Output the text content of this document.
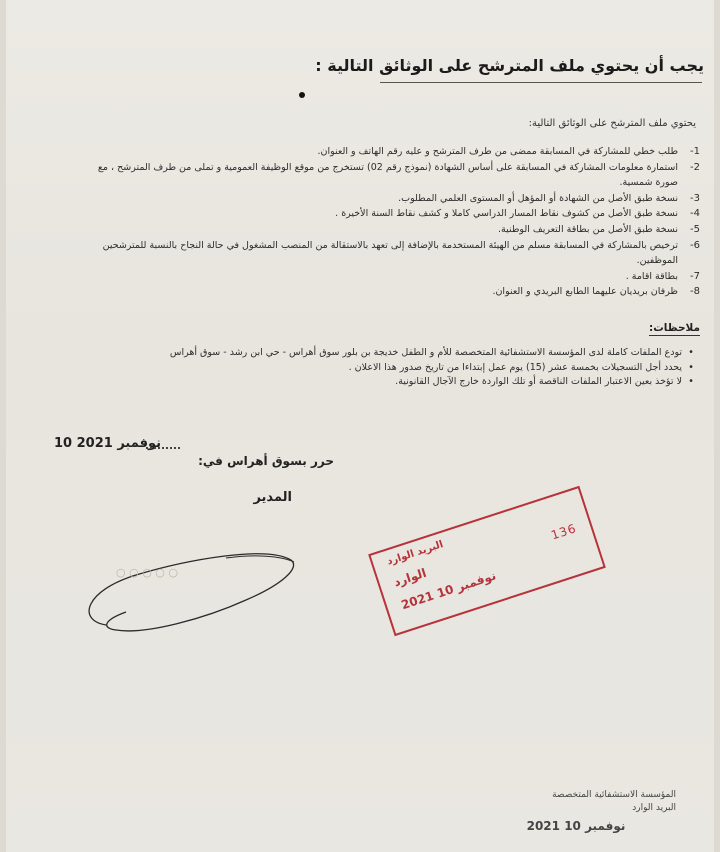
يجب أن يحتوي ملف المترشح على الوثائق التالية :
يحتوي ملف المترشح على الوثائق التالية:
1-
طلب خطي للمشاركة في المسابقة ممضى من طرف المترشح و عليه رقم الهاتف و العنوان.
2-
استمارة معلومات المشاركة في المسابقة على أساس الشهادة (نموذج رقم 02) تستخرج من موقع الوظيفة العمومية و تملى من طرف المترشح ، مع صورة شمسية.
3-
نسخة طبق الأصل من الشهادة أو المؤهل أو المستوى العلمي المطلوب.
4-
نسخة طبق الأصل من كشوف نقاط المسار الدراسي كاملا و كشف نقاط السنة الأخيرة .
5-
نسخة طبق الأصل من بطاقة التعريف الوطنية.
6-
ترخيص بالمشاركة في المسابقة مسلم من الهيئة المستخدمة بالإضافة إلى تعهد بالاستقالة من المنصب المشغول في حالة النجاح بالنسبة للمترشحين الموظفين.
7-
بطاقة اقامة .
8-
ظرفان بريديان عليهما الطابع البريدي و العنوان.
ملاحظات:
•
تودع الملفات كاملة لدى المؤسسة الاستشفائية المتخصصة للأم و الطفل خديجة بن بلور سوق أهراس - حي ابن رشد - سوق أهراس
•
يحدد أجل التسجيلات بخمسة عشر (15) يوم عمل إبتداءا من تاريخ صدور هذا الاعلان .
•
لا تؤخذ بعين الاعتبار الملفات الناقصة أو تلك الواردة خارج الآجال القانونية.
10 نوفمبر 2021
حرر بسوق أهراس في:
المدير
○ ○ ○ ○ ○
البريد الوارد
الوارد
2021 نوفمبر 10
136
المؤسسة الاستشفائية المتخصصة
البريد الوارد
2021 نوفمبر 10
